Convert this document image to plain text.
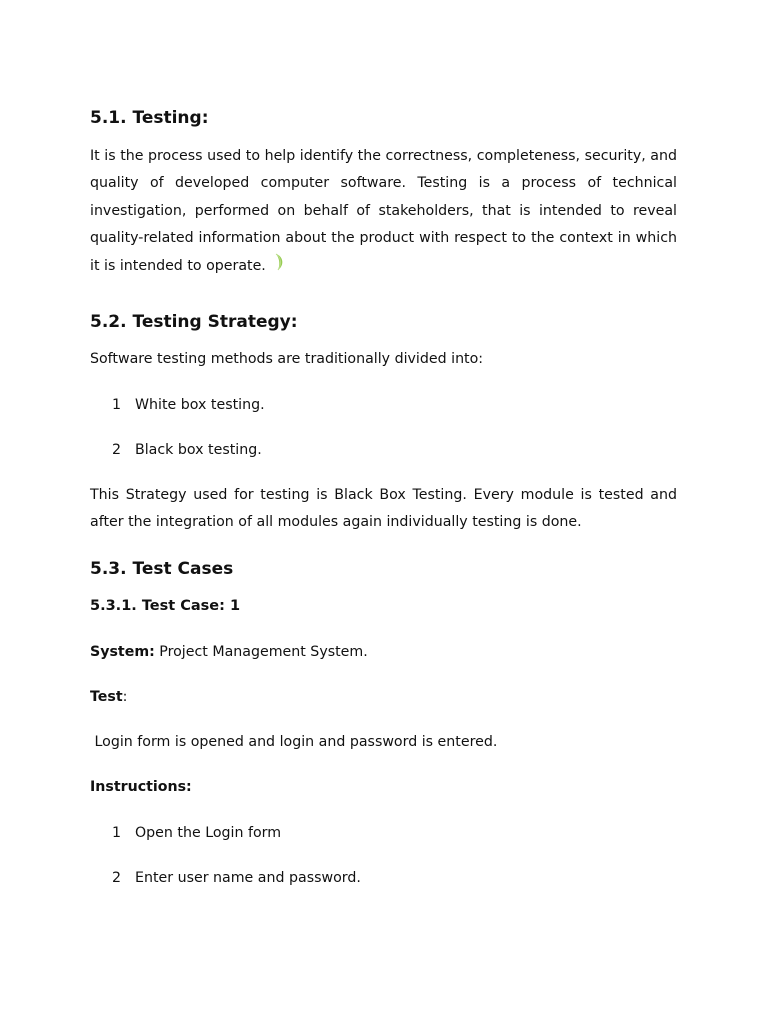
5.1. Testing:
It is the process used to help identify the correctness, completeness, security, and quality of developed computer software. Testing is a process of technical investigation, performed on behalf of stakeholders, that is intended to reveal quality-related information about the product with respect to the context in which it is intended to operate.
5.2. Testing Strategy:

Software testing methods are traditionally divided into:

1 White box testing.
2 Black box testing.

This Strategy used for testing is Black Box Testing. Every module is tested and after the integration of all modules again individually testing is done.

5.3. Test Cases
5.3.1. Test Case: 1

System: Project Management System.

Test:

Login form is opened and login and password is entered.

Instructions:

1 Open the Login form
2 Enter user name and password.
